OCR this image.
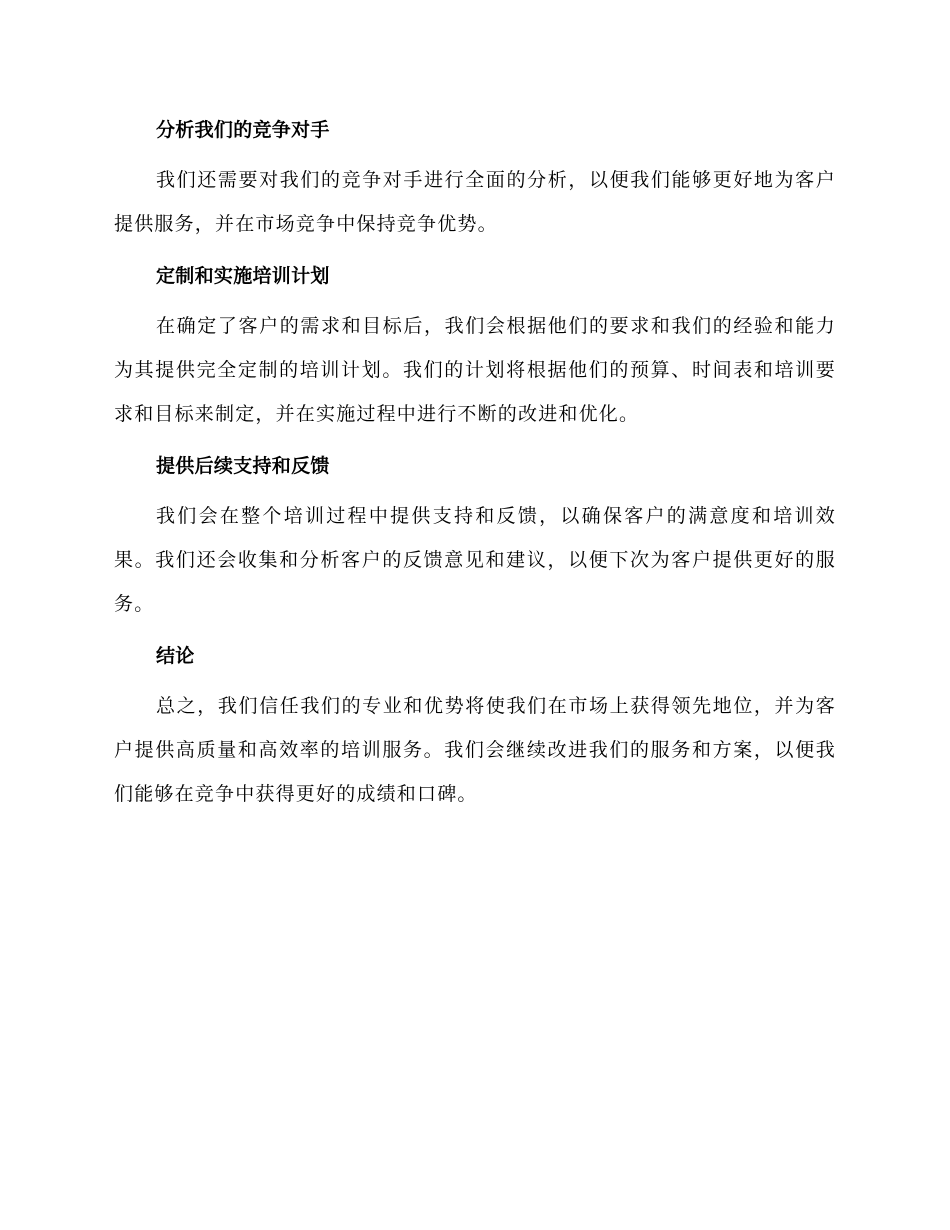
分析我们的竞争对手

我们还需要对我们的竞争对手进行全面的分析，以便我们能够更好地为客户提供服务，并在市场竞争中保持竞争优势。

定制和实施培训计划

在确定了客户的需求和目标后，我们会根据他们的要求和我们的经验和能力为其提供完全定制的培训计划。我们的计划将根据他们的预算、时间表和培训要求和目标来制定，并在实施过程中进行不断的改进和优化。

提供后续支持和反馈

我们会在整个培训过程中提供支持和反馈，以确保客户的满意度和培训效果。我们还会收集和分析客户的反馈意见和建议，以便下次为客户提供更好的服务。

结论

总之，我们信任我们的专业和优势将使我们在市场上获得领先地位，并为客户提供高质量和高效率的培训服务。我们会继续改进我们的服务和方案，以便我们能够在竞争中获得更好的成绩和口碑。
